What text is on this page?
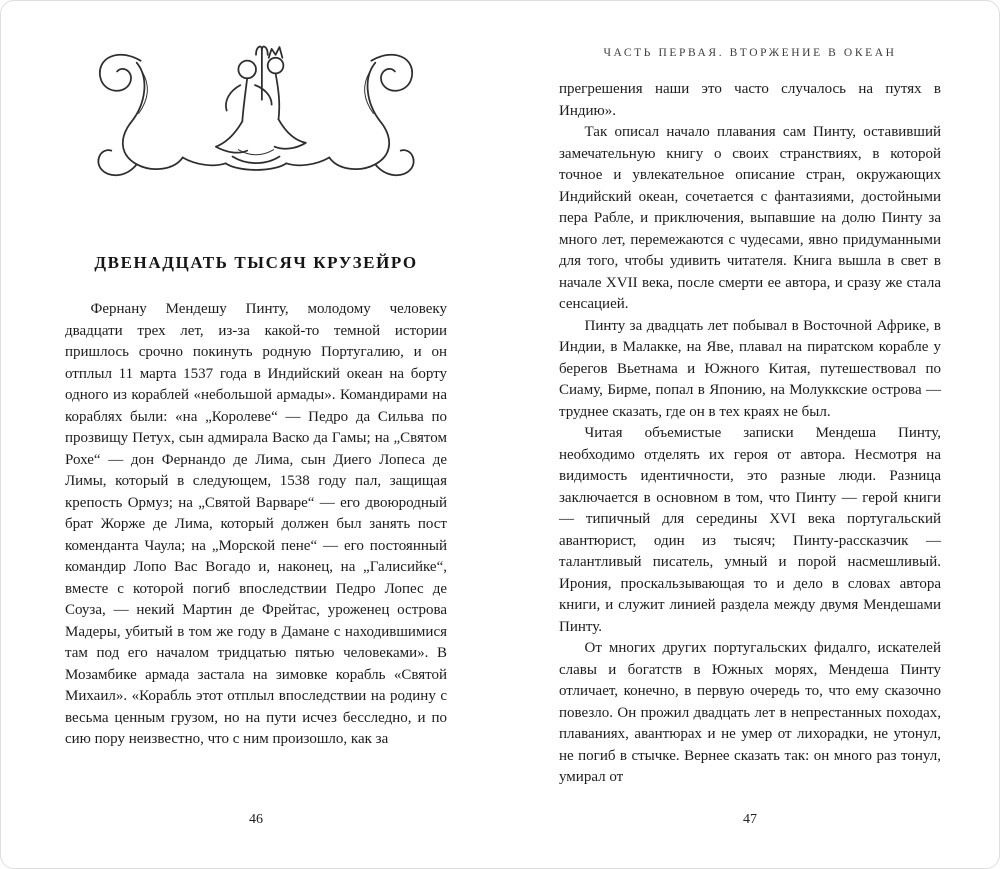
ДВЕНАДЦАТЬ ТЫСЯЧ КРУЗЕЙРО

Фернану Мендешу Пинту, молодому человеку двадцати трех лет, из-за какой-то темной истории пришлось срочно покинуть родную Португалию, и он отплыл 11 марта 1537 года в Индийский океан на борту одного из кораблей «небольшой армады». Командирами на кораблях были: «на „Королеве“ — Педро да Сильва по прозвищу Петух, сын адмирала Васко да Гамы; на „Святом Рохе“ — дон Фернандо де Лима, сын Диего Лопеса де Лимы, который в следующем, 1538 году пал, защищая крепость Ормуз; на „Святой Варваре“ — его двоюродный брат Жорже де Лима, который должен был занять пост коменданта Чаула; на „Морской пене“ — его постоянный командир Лопо Вас Вогадо и, наконец, на „Галисийке“, вместе с которой погиб впоследствии Педро Лопес де Соуза, — некий Мартин де Фрейтас, уроженец острова Мадеры, убитый в том же году в Дамане с находившимися там под его началом тридцатью пятью человеками». В Мозамбике армада застала на зимовке корабль «Святой Михаил». «Корабль этот отплыл впоследствии на родину с весьма ценным грузом, но на пути исчез бесследно, и по сию пору неизвестно, что с ним произошло, как за

46
ЧАСТЬ ПЕРВАЯ. ВТОРЖЕНИЕ В ОКЕАН

прегрешения наши это часто случалось на путях в Индию».

Так описал начало плавания сам Пинту, оставивший замечательную книгу о своих странствиях, в которой точное и увлекательное описание стран, окружающих Индийский океан, сочетается с фантазиями, достойными пера Рабле, и приключения, выпавшие на долю Пинту за много лет, перемежаются с чудесами, явно придуманными для того, чтобы удивить читателя. Книга вышла в свет в начале XVII века, после смерти ее автора, и сразу же стала сенсацией.

Пинту за двадцать лет побывал в Восточной Африке, в Индии, в Малакке, на Яве, плавал на пиратском корабле у берегов Вьетнама и Южного Китая, путешествовал по Сиаму, Бирме, попал в Японию, на Молуккские острова — труднее сказать, где он в тех краях не был.

Читая объемистые записки Мендеша Пинту, необходимо отделять их героя от автора. Несмотря на видимость идентичности, это разные люди. Разница заключается в основном в том, что Пинту — герой книги — типичный для середины XVI века португальский авантюрист, один из тысяч; Пинту-рассказчик — талантливый писатель, умный и порой насмешливый. Ирония, проскальзывающая то и дело в словах автора книги, и служит линией раздела между двумя Мендешами Пинту.

От многих других португальских фидалго, искателей славы и богатств в Южных морях, Мендеша Пинту отличает, конечно, в первую очередь то, что ему сказочно повезло. Он прожил двадцать лет в непрестанных походах, плаваниях, авантюрах и не умер от лихорадки, не утонул, не погиб в стычке. Вернее сказать так: он много раз тонул, умирал от

47
